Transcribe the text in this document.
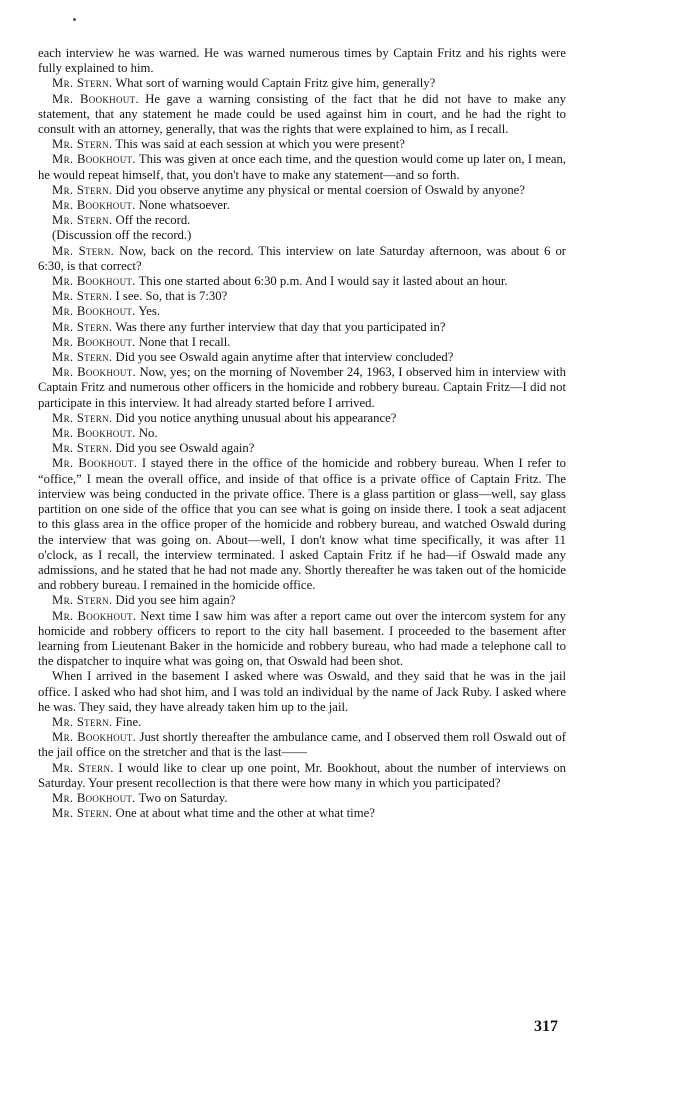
each interview he was warned. He was warned numerous times by Captain Fritz and his rights were fully explained to him.

Mr. Stern. What sort of warning would Captain Fritz give him, generally?

Mr. Bookhout. He gave a warning consisting of the fact that he did not have to make any statement, that any statement he made could be used against him in court, and he had the right to consult with an attorney, generally, that was the rights that were explained to him, as I recall.

Mr. Stern. This was said at each session at which you were present?

Mr. Bookhout. This was given at once each time, and the question would come up later on, I mean, he would repeat himself, that, you don't have to make any statement—and so forth.

Mr. Stern. Did you observe anytime any physical or mental coersion of Oswald by anyone?

Mr. Bookhout. None whatsoever.

Mr. Stern. Off the record.

(Discussion off the record.)

Mr. Stern. Now, back on the record. This interview on late Saturday afternoon, was about 6 or 6:30, is that correct?

Mr. Bookhout. This one started about 6:30 p.m. And I would say it lasted about an hour.

Mr. Stern. I see. So, that is 7:30?

Mr. Bookhout. Yes.

Mr. Stern. Was there any further interview that day that you participated in?

Mr. Bookhout. None that I recall.

Mr. Stern. Did you see Oswald again anytime after that interview concluded?

Mr. Bookhout. Now, yes; on the morning of November 24, 1963, I observed him in interview with Captain Fritz and numerous other officers in the homicide and robbery bureau. Captain Fritz—I did not participate in this interview. It had already started before I arrived.

Mr. Stern. Did you notice anything unusual about his appearance?

Mr. Bookhout. No.

Mr. Stern. Did you see Oswald again?

Mr. Bookhout. I stayed there in the office of the homicide and robbery bureau. When I refer to “office,” I mean the overall office, and inside of that office is a private office of Captain Fritz. The interview was being conducted in the private office. There is a glass partition or glass—well, say glass partition on one side of the office that you can see what is going on inside there. I took a seat adjacent to this glass area in the office proper of the homicide and robbery bureau, and watched Oswald during the interview that was going on. About—well, I don't know what time specifically, it was after 11 o'clock, as I recall, the interview terminated. I asked Captain Fritz if he had—if Oswald made any admissions, and he stated that he had not made any. Shortly thereafter he was taken out of the homicide and robbery bureau. I remained in the homicide office.

Mr. Stern. Did you see him again?

Mr. Bookhout. Next time I saw him was after a report came out over the intercom system for any homicide and robbery officers to report to the city hall basement. I proceeded to the basement after learning from Lieutenant Baker in the homicide and robbery bureau, who had made a telephone call to the dispatcher to inquire what was going on, that Oswald had been shot.

When I arrived in the basement I asked where was Oswald, and they said that he was in the jail office. I asked who had shot him, and I was told an individual by the name of Jack Ruby. I asked where he was. They said, they have already taken him up to the jail.

Mr. Stern. Fine.

Mr. Bookhout. Just shortly thereafter the ambulance came, and I observed them roll Oswald out of the jail office on the stretcher and that is the last——

Mr. Stern. I would like to clear up one point, Mr. Bookhout, about the number of interviews on Saturday. Your present recollection is that there were how many in which you participated?

Mr. Bookhout. Two on Saturday.

Mr. Stern. One at about what time and the other at what time?

317
